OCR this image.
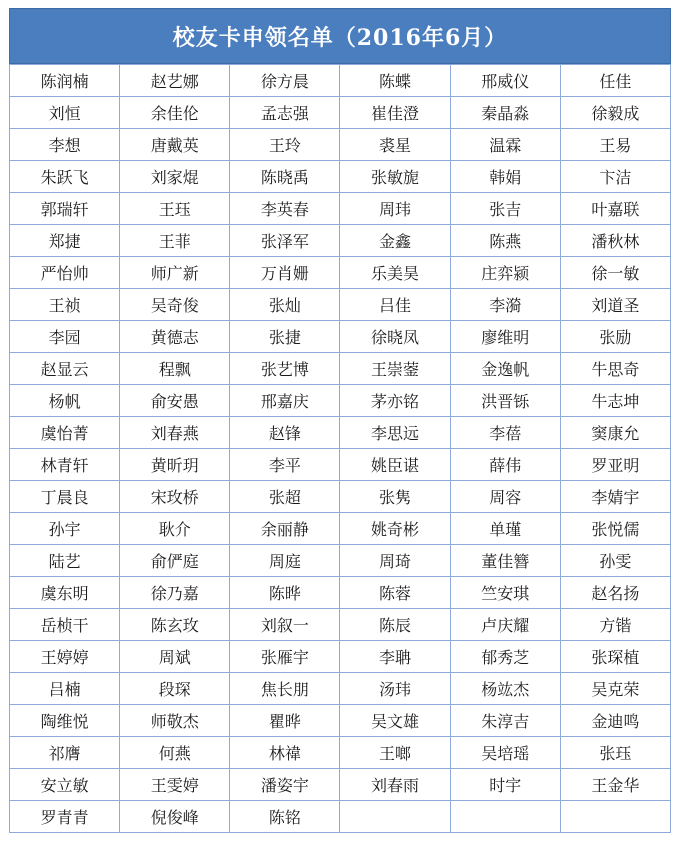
校友卡申领名单（2016年6月）
陈润楠	赵艺娜	徐方晨	陈蝶	邢威仪	任佳
刘恒	余佳伦	孟志强	崔佳澄	秦晶淼	徐毅成
李想	唐戴英	王玲	裘星	温霖	王易
朱跃飞	刘家焜	陈晓禹	张敏旎	韩娟	卞洁
郭瑞轩	王珏	李英春	周玮	张吉	叶嘉联
郑捷	王菲	张泽军	金鑫	陈燕	潘秋林
严怡帅	师广新	万肖姗	乐美昊	庄弈颍	徐一敏
王祯	吴奇俊	张灿	吕佳	李漪	刘道圣
李园	黄德志	张捷	徐晓凤	廖维明	张励
赵显云	程飘	张艺博	王崇蓥	金逸帆	牛思奇
杨帆	俞安愚	邢嘉庆	茅亦铭	洪晋铄	牛志坤
虞怡菁	刘春燕	赵锋	李思远	李蓓	窦康允
林青轩	黄昕玥	李平	姚臣谌	薛伟	罗亚明
丁晨良	宋玫桥	张超	张隽	周容	李婧宇
孙宇	耿介	余丽静	姚奇彬	单瑾	张悦儒
陆艺	俞俨庭	周庭	周琦	董佳簪	孙雯
虞东明	徐乃嘉	陈晔	陈蓉	竺安琪	赵名扬
岳桢干	陈玄玫	刘叙一	陈辰	卢庆耀	方锴
王婷婷	周斌	张雁宇	李聃	郁秀芝	张琛植
吕楠	段琛	焦长朋	汤玮	杨竑杰	吴克荣
陶维悦	师敬杰	瞿晔	吴文雄	朱淳吉	金迪鸣
祁膺	何燕	林禕	王啷	吴培瑶	张珏
安立敏	王雯婷	潘姿宇	刘春雨	时宇	王金华
罗青青	倪俊峰	陈铭			
